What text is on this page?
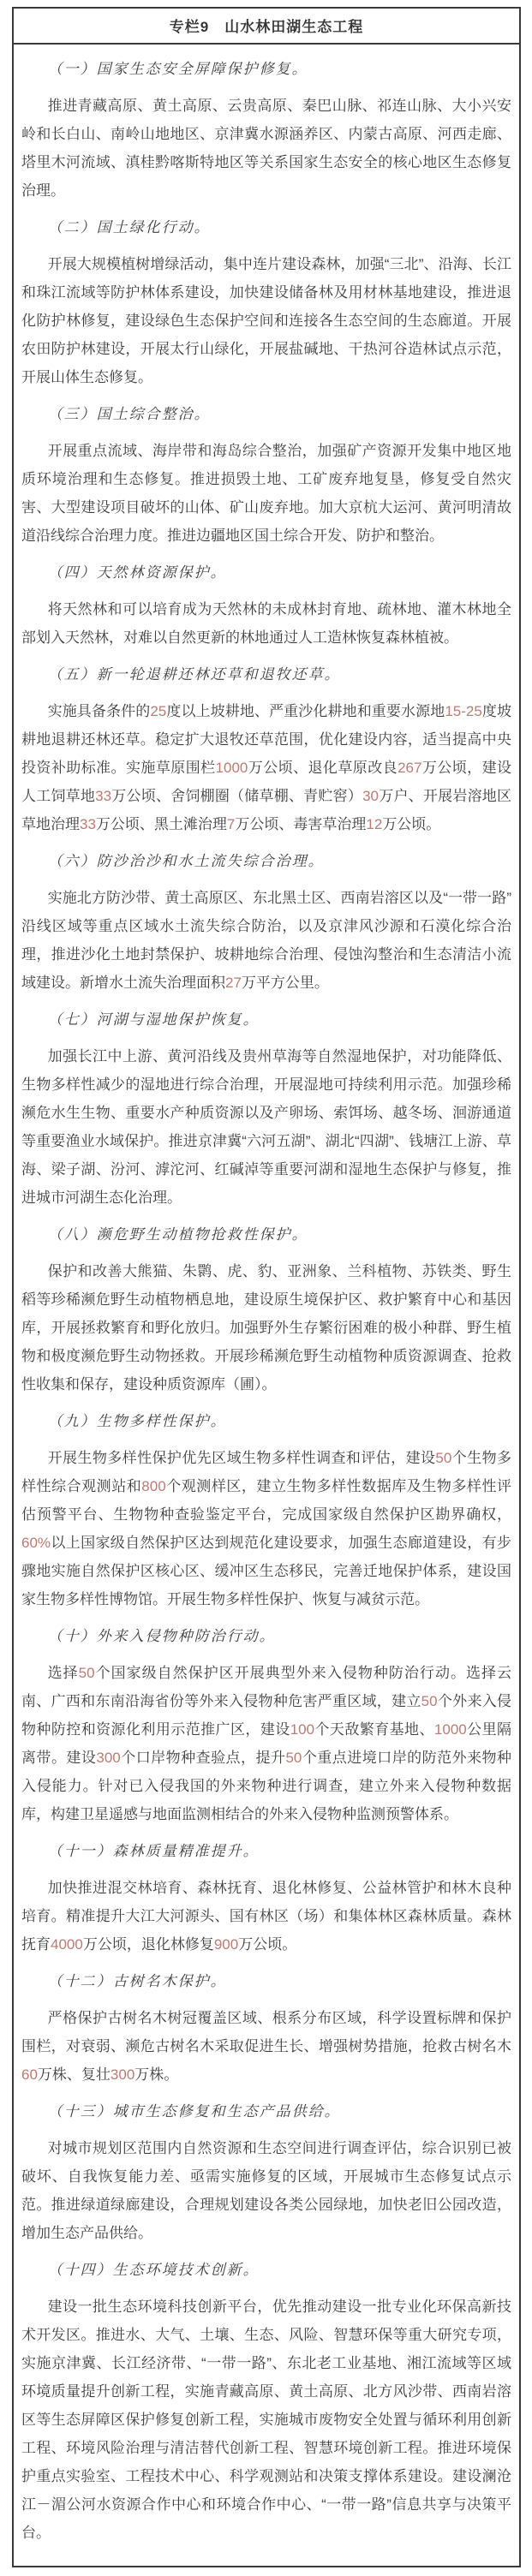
专栏9　山水林田湖生态工程

（一）国家生态安全屏障保护修复。

推进青藏高原、黄土高原、云贵高原、秦巴山脉、祁连山脉、大小兴安岭和长白山、南岭山地地区、京津冀水源涵养区、内蒙古高原、河西走廊、塔里木河流域、滇桂黔喀斯特地区等关系国家生态安全的核心地区生态修复治理。

（二）国土绿化行动。

开展大规模植树增绿活动，集中连片建设森林，加强“三北”、沿海、长江和珠江流域等防护林体系建设，加快建设储备林及用材林基地建设，推进退化防护林修复，建设绿色生态保护空间和连接各生态空间的生态廊道。开展农田防护林建设，开展太行山绿化，开展盐碱地、干热河谷造林试点示范，开展山体生态修复。

（三）国土综合整治。

开展重点流域、海岸带和海岛综合整治，加强矿产资源开发集中地区地质环境治理和生态修复。推进损毁土地、工矿废弃地复垦，修复受自然灾害、大型建设项目破坏的山体、矿山废弃地。加大京杭大运河、黄河明清故道沿线综合治理力度。推进边疆地区国土综合开发、防护和整治。

（四）天然林资源保护。

将天然林和可以培育成为天然林的未成林封育地、疏林地、灌木林地全部划入天然林，对难以自然更新的林地通过人工造林恢复森林植被。

（五）新一轮退耕还林还草和退牧还草。

实施具备条件的25度以上坡耕地、严重沙化耕地和重要水源地15-25度坡耕地退耕还林还草。稳定扩大退牧还草范围，优化建设内容，适当提高中央投资补助标准。实施草原围栏1000万公顷、退化草原改良267万公顷，建设人工饲草地33万公顷、舍饲棚圈（储草棚、青贮窖）30万户、开展岩溶地区草地治理33万公顷、黑土滩治理7万公顷、毒害草治理12万公顷。

（六）防沙治沙和水土流失综合治理。

实施北方防沙带、黄土高原区、东北黑土区、西南岩溶区以及“一带一路”沿线区域等重点区域水土流失综合防治，以及京津风沙源和石漠化综合治理，推进沙化土地封禁保护、坡耕地综合治理、侵蚀沟整治和生态清洁小流域建设。新增水土流失治理面积27万平方公里。

（七）河湖与湿地保护恢复。

加强长江中上游、黄河沿线及贵州草海等自然湿地保护，对功能降低、生物多样性减少的湿地进行综合治理，开展湿地可持续利用示范。加强珍稀濒危水生生物、重要水产种质资源以及产卵场、索饵场、越冬场、洄游通道等重要渔业水域保护。推进京津冀“六河五湖”、湖北“四湖”、钱塘江上游、草海、梁子湖、汾河、滹沱河、红碱淖等重要河湖和湿地生态保护与修复，推进城市河湖生态化治理。

（八）濒危野生动植物抢救性保护。

保护和改善大熊猫、朱鹮、虎、豹、亚洲象、兰科植物、苏铁类、野生稻等珍稀濒危野生动植物栖息地，建设原生境保护区、救护繁育中心和基因库，开展拯救繁育和野化放归。加强野外生存繁衍困难的极小种群、野生植物和极度濒危野生动物拯救。开展珍稀濒危野生动植物种质资源调查、抢救性收集和保存，建设种质资源库（圃）。

（九）生物多样性保护。

开展生物多样性保护优先区域生物多样性调查和评估，建设50个生物多样性综合观测站和800个观测样区，建立生物多样性数据库及生物多样性评估预警平台、生物物种查验鉴定平台，完成国家级自然保护区勘界确权，60%以上国家级自然保护区达到规范化建设要求，加强生态廊道建设，有步骤地实施自然保护区核心区、缓冲区生态移民，完善迁地保护体系，建设国家生物多样性博物馆。开展生物多样性保护、恢复与减贫示范。

（十）外来入侵物种防治行动。

选择50个国家级自然保护区开展典型外来入侵物种防治行动。选择云南、广西和东南沿海省份等外来入侵物种危害严重区域，建立50个外来入侵物种防控和资源化利用示范推广区，建设100个天敌繁育基地、1000公里隔离带。建设300个口岸物种查验点，提升50个重点进境口岸的防范外来物种入侵能力。针对已入侵我国的外来物种进行调查，建立外来入侵物种数据库，构建卫星遥感与地面监测相结合的外来入侵物种监测预警体系。

（十一）森林质量精准提升。

加快推进混交林培育、森林抚育、退化林修复、公益林管护和林木良种培育。精准提升大江大河源头、国有林区（场）和集体林区森林质量。森林抚育4000万公顷，退化林修复900万公顷。

（十二）古树名木保护。

严格保护古树名木树冠覆盖区域、根系分布区域，科学设置标牌和保护围栏，对衰弱、濒危古树名木采取促进生长、增强树势措施，抢救古树名木60万株、复壮300万株。

（十三）城市生态修复和生态产品供给。

对城市规划区范围内自然资源和生态空间进行调查评估，综合识别已被破坏、自我恢复能力差、亟需实施修复的区域，开展城市生态修复试点示范。推进绿道绿廊建设，合理规划建设各类公园绿地，加快老旧公园改造，增加生态产品供给。

（十四）生态环境技术创新。

建设一批生态环境科技创新平台，优先推动建设一批专业化环保高新技术开发区。推进水、大气、土壤、生态、风险、智慧环保等重大研究专项，实施京津冀、长江经济带、“一带一路”、东北老工业基地、湘江流域等区域环境质量提升创新工程，实施青藏高原、黄土高原、北方风沙带、西南岩溶区等生态屏障区保护修复创新工程，实施城市废物安全处置与循环利用创新工程、环境风险治理与清洁替代创新工程、智慧环境创新工程。推进环境保护重点实验室、工程技术中心、科学观测站和决策支撑体系建设。建设澜沧江－湄公河水资源合作中心和环境合作中心、“一带一路”信息共享与决策平台。
